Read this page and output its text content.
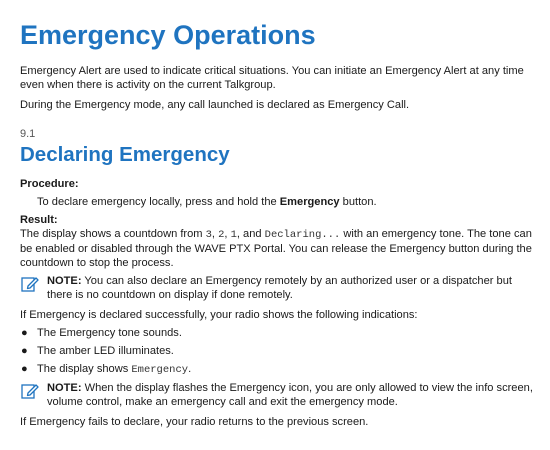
Emergency Operations

Emergency Alert are used to indicate critical situations. You can initiate an Emergency Alert at any time even when there is activity on the current Talkgroup.

During the Emergency mode, any call launched is declared as Emergency Call.

9.1
Declaring Emergency
Procedure:

To declare emergency locally, press and hold the Emergency button.

Result:

The display shows a countdown from 3, 2, 1, and Declaring... with an emergency tone. The tone can be enabled or disabled through the WAVE PTX Portal. You can release the Emergency button during the countdown to stop the process.

NOTE: You can also declare an Emergency remotely by an authorized user or a dispatcher but there is no countdown on display if done remotely.

If Emergency is declared successfully, your radio shows the following indications:

● The Emergency tone sounds.
● The amber LED illuminates.
● The display shows Emergency.

NOTE: When the display flashes the Emergency icon, you are only allowed to view the info screen, volume control, make an emergency call and exit the emergency mode.

If Emergency fails to declare, your radio returns to the previous screen.
